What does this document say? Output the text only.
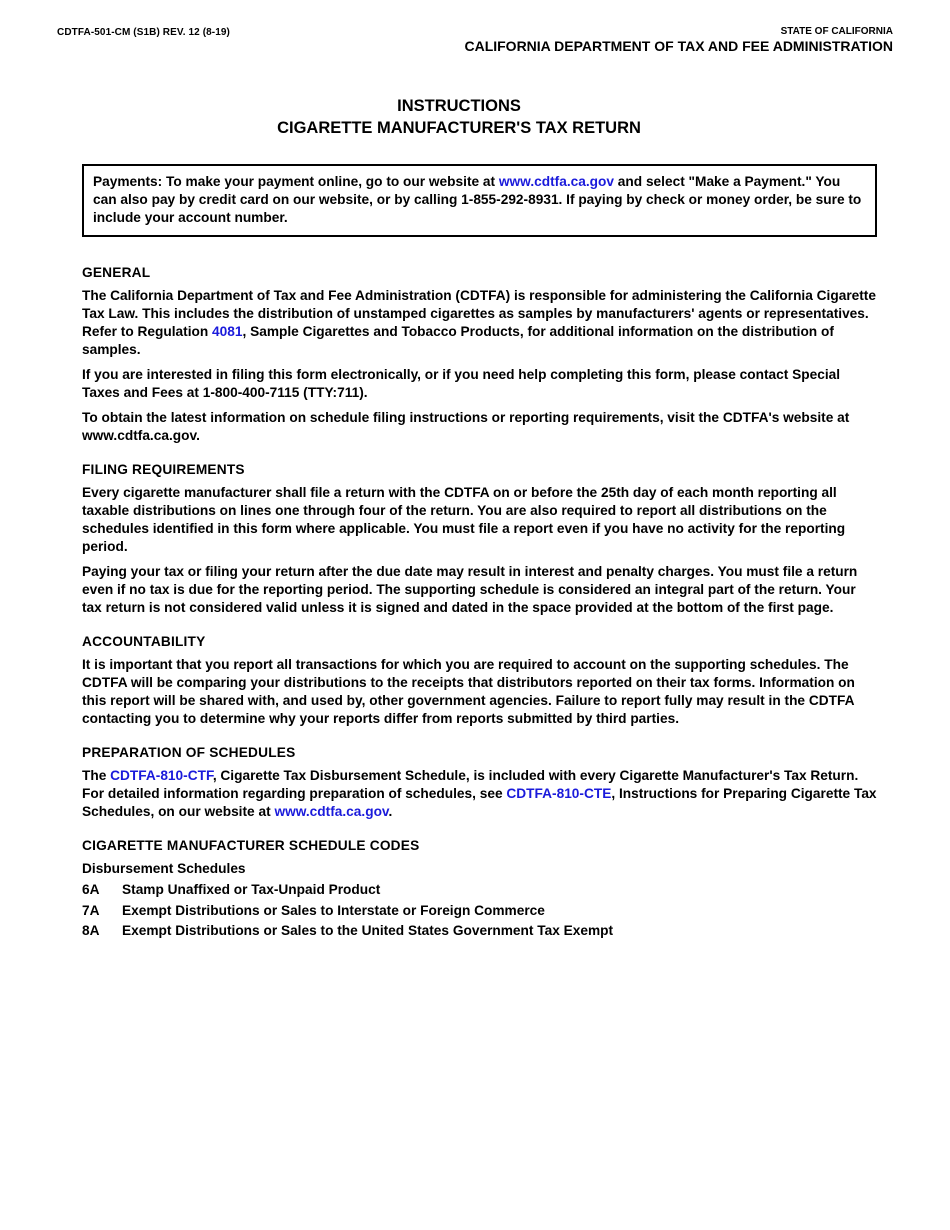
CDTFA-501-CM (S1B) REV. 12 (8-19)	STATE OF CALIFORNIA
CALIFORNIA DEPARTMENT OF TAX AND FEE ADMINISTRATION
INSTRUCTIONS
CIGARETTE MANUFACTURER'S TAX RETURN
Payments: To make your payment online, go to our website at www.cdtfa.ca.gov and select "Make a Payment." You can also pay by credit card on our website, or by calling 1-855-292-8931. If paying by check or money order, be sure to include your account number.
GENERAL
The California Department of Tax and Fee Administration (CDTFA) is responsible for administering the California Cigarette Tax Law. This includes the distribution of unstamped cigarettes as samples by manufacturers' agents or representatives. Refer to Regulation 4081, Sample Cigarettes and Tobacco Products, for additional information on the distribution of samples.
If you are interested in filing this form electronically, or if you need help completing this form, please contact Special Taxes and Fees at 1-800-400-7115 (TTY:711).
To obtain the latest information on schedule filing instructions or reporting requirements, visit the CDTFA's website at www.cdtfa.ca.gov.
FILING REQUIREMENTS
Every cigarette manufacturer shall file a return with the CDTFA on or before the 25th day of each month reporting all taxable distributions on lines one through four of the return. You are also required to report all distributions on the schedules identified in this form where applicable. You must file a report even if you have no activity for the reporting period.
Paying your tax or filing your return after the due date may result in interest and penalty charges. You must file a return even if no tax is due for the reporting period. The supporting schedule is considered an integral part of the return. Your tax return is not considered valid unless it is signed and dated in the space provided at the bottom of the first page.
ACCOUNTABILITY
It is important that you report all transactions for which you are required to account on the supporting schedules. The CDTFA will be comparing your distributions to the receipts that distributors reported on their tax forms. Information on this report will be shared with, and used by, other government agencies. Failure to report fully may result in the CDTFA contacting you to determine why your reports differ from reports submitted by third parties.
PREPARATION OF SCHEDULES
The CDTFA-810-CTF, Cigarette Tax Disbursement Schedule, is included with every Cigarette Manufacturer's Tax Return. For detailed information regarding preparation of schedules, see CDTFA-810-CTE, Instructions for Preparing Cigarette Tax Schedules, on our website at www.cdtfa.ca.gov.
CIGARETTE MANUFACTURER SCHEDULE CODES
Disbursement Schedules
6A	Stamp Unaffixed or Tax-Unpaid Product
7A	Exempt Distributions or Sales to Interstate or Foreign Commerce
8A	Exempt Distributions or Sales to the United States Government Tax Exempt
